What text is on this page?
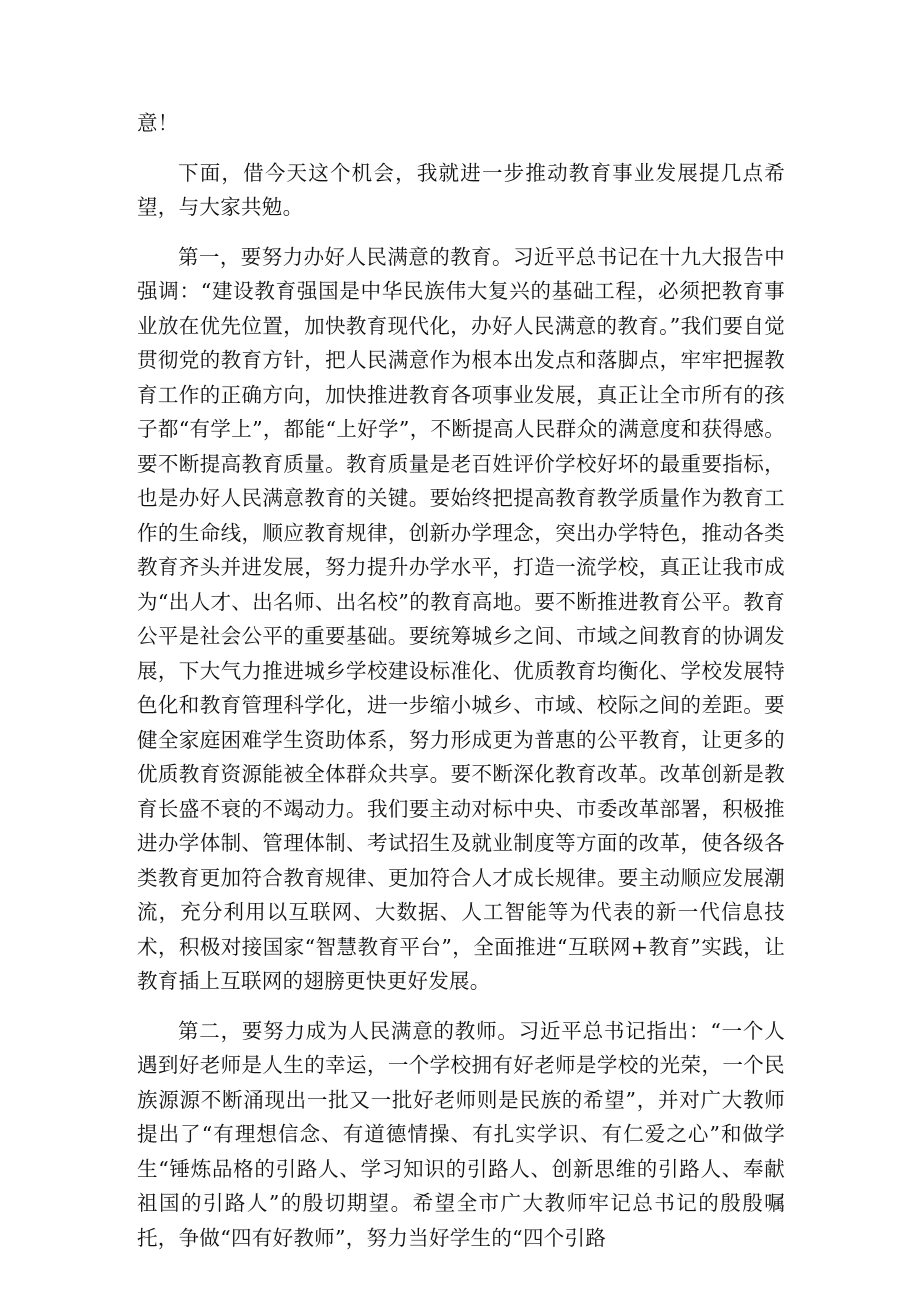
意！

下面，借今天这个机会，我就进一步推动教育事业发展提几点希望，与大家共勉。

第一，要努力办好人民满意的教育。习近平总书记在十九大报告中强调：“建设教育强国是中华民族伟大复兴的基础工程，必须把教育事业放在优先位置，加快教育现代化，办好人民满意的教育。”我们要自觉贯彻党的教育方针，把人民满意作为根本出发点和落脚点，牢牢把握教育工作的正确方向，加快推进教育各项事业发展，真正让全市所有的孩子都“有学上”，都能“上好学”，不断提高人民群众的满意度和获得感。要不断提高教育质量。教育质量是老百姓评价学校好坏的最重要指标，也是办好人民满意教育的关键。要始终把提高教育教学质量作为教育工作的生命线，顺应教育规律，创新办学理念，突出办学特色，推动各类教育齐头并进发展，努力提升办学水平，打造一流学校，真正让我市成为“出人才、出名师、出名校”的教育高地。要不断推进教育公平。教育公平是社会公平的重要基础。要统筹城乡之间、市域之间教育的协调发展，下大气力推进城乡学校建设标准化、优质教育均衡化、学校发展特色化和教育管理科学化，进一步缩小城乡、市域、校际之间的差距。要健全家庭困难学生资助体系，努力形成更为普惠的公平教育，让更多的优质教育资源能被全体群众共享。要不断深化教育改革。改革创新是教育长盛不衰的不竭动力。我们要主动对标中央、市委改革部署，积极推进办学体制、管理体制、考试招生及就业制度等方面的改革，使各级各类教育更加符合教育规律、更加符合人才成长规律。要主动顺应发展潮流，充分利用以互联网、大数据、人工智能等为代表的新一代信息技术，积极对接国家“智慧教育平台”，全面推进“互联网+教育”实践，让教育插上互联网的翅膀更快更好发展。

第二，要努力成为人民满意的教师。习近平总书记指出：“一个人遇到好老师是人生的幸运，一个学校拥有好老师是学校的光荣，一个民族源源不断涌现出一批又一批好老师则是民族的希望”，并对广大教师提出了“有理想信念、有道德情操、有扎实学识、有仁爱之心”和做学生“锤炼品格的引路人、学习知识的引路人、创新思维的引路人、奉献祖国的引路人”的殷切期望。希望全市广大教师牢记总书记的殷殷嘱托，争做“四有好教师”，努力当好学生的“四个引路
